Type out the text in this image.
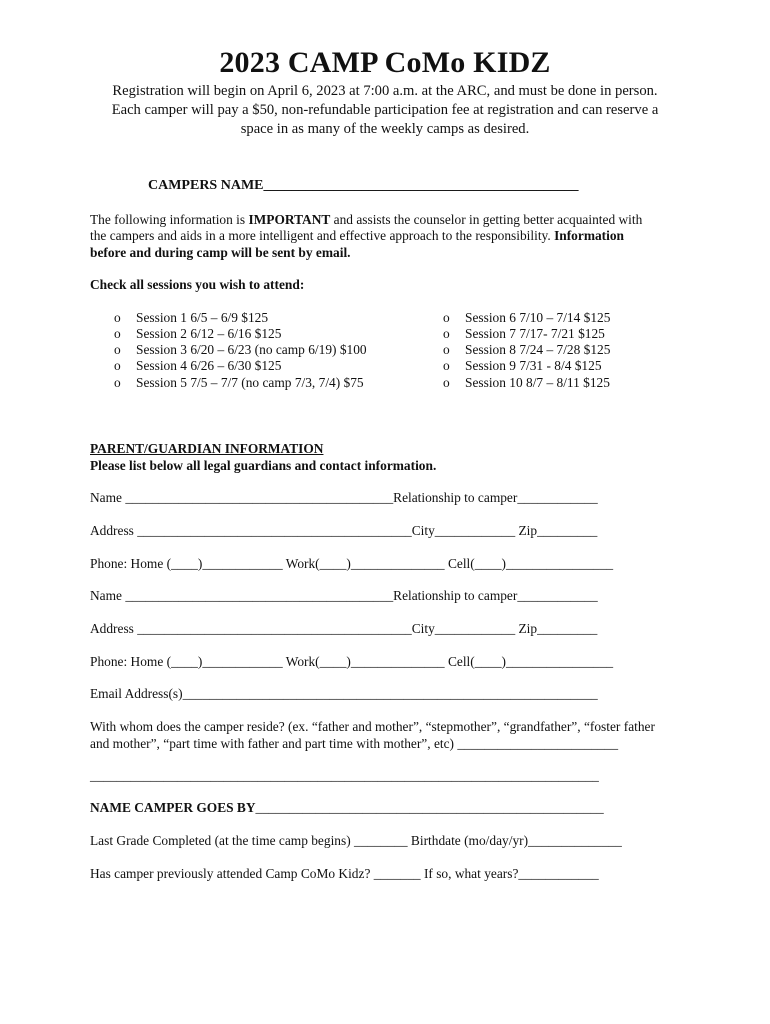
2023 CAMP CoMo KIDZ
Registration will begin on April 6, 2023 at 7:00 a.m. at the ARC, and must be done in person.
Each camper will pay a $50, non-refundable participation fee at registration and can reserve a
space in as many of the weekly camps as desired.
CAMPERS NAME_____________________________________________
The following information is IMPORTANT and assists the counselor in getting better acquainted with
the campers and aids in a more intelligent and effective approach to the responsibility. Information
before and during camp will be sent by email.
Check all sessions you wish to attend:
o Session 1 6/5 – 6/9 $125
o Session 2 6/12 – 6/16 $125
o Session 3 6/20 – 6/23 (no camp 6/19) $100
o Session 4 6/26 – 6/30 $125
o Session 5 7/5 – 7/7 (no camp 7/3, 7/4) $75
o Session 6 7/10 – 7/14 $125
o Session 7 7/17- 7/21 $125
o Session 8 7/24 – 7/28 $125
o Session 9 7/31 - 8/4 $125
o Session 10 8/7 – 8/11 $125
PARENT/GUARDIAN INFORMATION
Please list below all legal guardians and contact information.
Name ________________________________________Relationship to camper____________
Address _________________________________________City____________ Zip_________
Phone: Home (____)____________ Work(____)______________ Cell(____)________________
Name ________________________________________Relationship to camper____________
Address _________________________________________City____________ Zip_________
Phone: Home (____)____________ Work(____)______________ Cell(____)________________
Email Address(s)______________________________________________________________
With whom does the camper reside? (ex. “father and mother”, “stepmother”, “grandfather”, “foster father
and mother”, “part time with father and part time with mother”, etc) ________________________
____________________________________________________________________________
NAME CAMPER GOES BY____________________________________________________
Last Grade Completed (at the time camp begins) ________ Birthdate (mo/day/yr)______________
Has camper previously attended Camp CoMo Kidz? _______ If so, what years?____________
